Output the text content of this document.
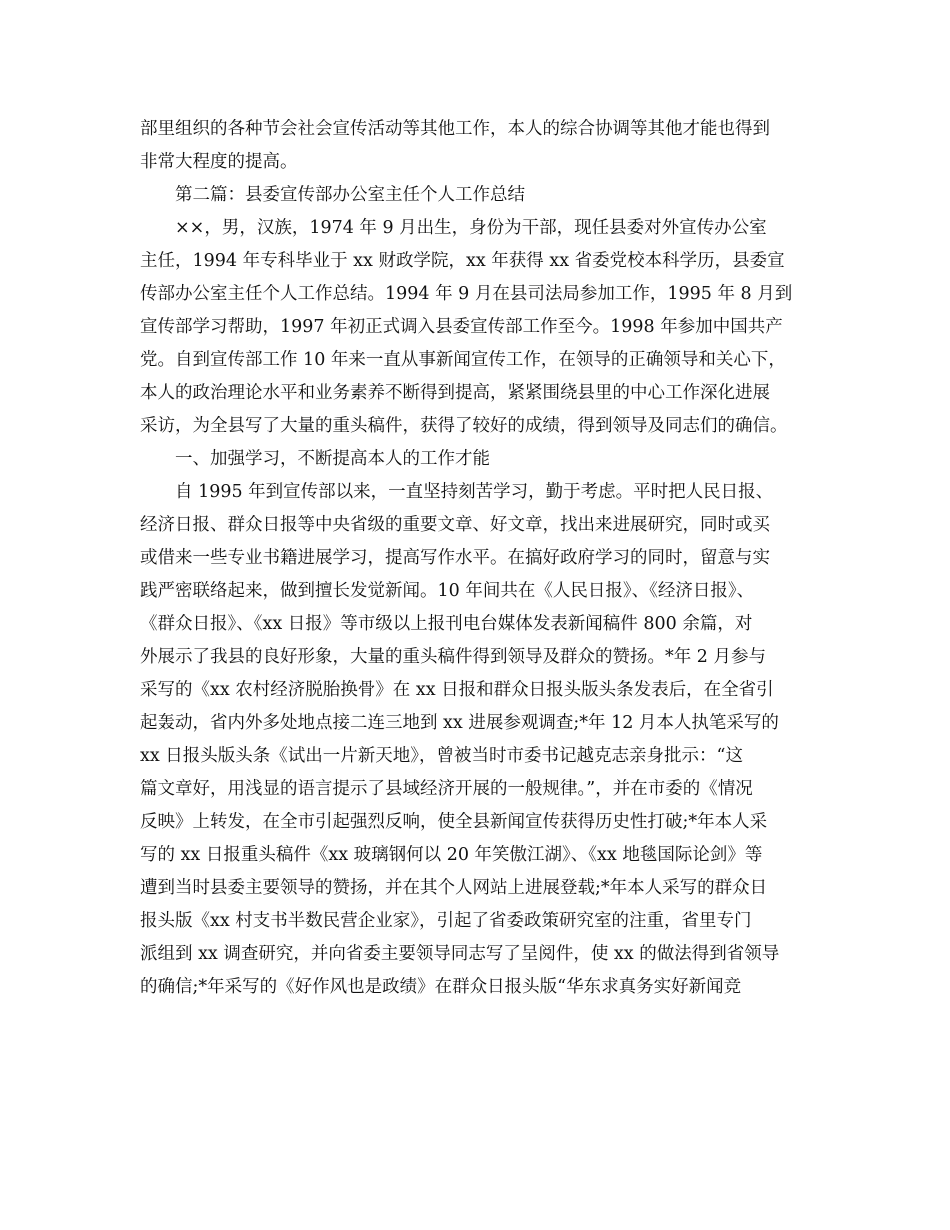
部里组织的各种节会社会宣传活动等其他工作，本人的综合协调等其他才能也得到
非常大程度的提高。
第二篇：县委宣传部办公室主任个人工作总结
××，男，汉族，1974 年 9 月出生，身份为干部，现任县委对外宣传办公室
主任，1994 年专科毕业于 xx 财政学院，xx 年获得 xx 省委党校本科学历，县委宣
传部办公室主任个人工作总结。1994 年 9 月在县司法局参加工作，1995 年 8 月到
宣传部学习帮助，1997 年初正式调入县委宣传部工作至今。1998 年参加中国共产
党。自到宣传部工作 10 年来一直从事新闻宣传工作，在领导的正确领导和关心下，
本人的政治理论水平和业务素养不断得到提高，紧紧围绕县里的中心工作深化进展
采访，为全县写了大量的重头稿件，获得了较好的成绩，得到领导及同志们的确信。
一、加强学习，不断提高本人的工作才能
自 1995 年到宣传部以来，一直坚持刻苦学习，勤于考虑。平时把人民日报、
经济日报、群众日报等中央省级的重要文章、好文章，找出来进展研究，同时或买
或借来一些专业书籍进展学习，提高写作水平。在搞好政府学习的同时，留意与实
践严密联络起来，做到擅长发觉新闻。10 年间共在《人民日报》、《经济日报》、
《群众日报》、《xx 日报》等市级以上报刊电台媒体发表新闻稿件 800 余篇，对
外展示了我县的良好形象，大量的重头稿件得到领导及群众的赞扬。*年 2 月参与
采写的《xx 农村经济脱胎换骨》在 xx 日报和群众日报头版头条发表后，在全省引
起轰动，省内外多处地点接二连三地到 xx 进展参观调查;*年 12 月本人执笔采写的
xx 日报头版头条《试出一片新天地》，曾被当时市委书记越克志亲身批示：“这
篇文章好，用浅显的语言提示了县域经济开展的一般规律。”，并在市委的《情况
反映》上转发，在全市引起强烈反响，使全县新闻宣传获得历史性打破;*年本人采
写的 xx 日报重头稿件《xx 玻璃钢何以 20 年笑傲江湖》、《xx 地毯国际论剑》等
遭到当时县委主要领导的赞扬，并在其个人网站上进展登载;*年本人采写的群众日
报头版《xx 村支书半数民营企业家》，引起了省委政策研究室的注重，省里专门
派组到 xx 调查研究，并向省委主要领导同志写了呈阅件，使 xx 的做法得到省领导
的确信;*年采写的《好作风也是政绩》在群众日报头版“华东求真务实好新闻竞
